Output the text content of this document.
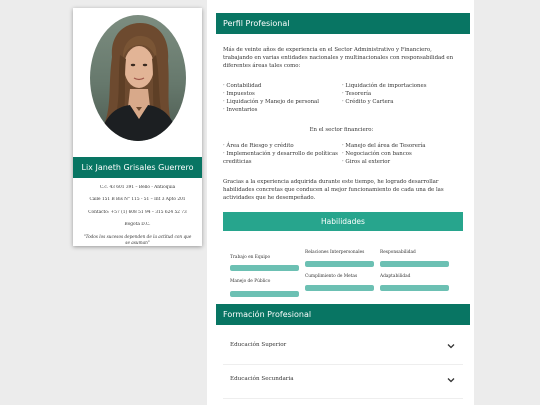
Lix Janeth Grisales Guerrero
C.c. 43 601 391 – Bello - Antioquia
Calle 151 B Bis N° 115 - 51 – Int 3 Apto 201
Contacto: +57 (1) 608 51 94 – 315 624 52 73
Bogotá D.C.
"Todos los sucesos dependen de la actitud con que se asuman"
Perfil Profesional
Más de veinte años de experiencia en el Sector Administrativo y Financiero, trabajando en varias entidades nacionales y multinacionales con responsabilidad en diferentes áreas tales como:
· Contabilidad
· Impuestos
· Liquidación y Manejo de personal
· Inventarios
· Liquidación de importaciones
· Tesorería
· Crédito y Cartera
En el sector financiero:
· Área de Riesgo y crédito
· Implementación y desarrollo de políticas crediticias
· Manejo del área de Tesorería
· Negociación con bancos
· Giros al exterior
Gracias a la experiencia adquirida durante este tiempo, he logrado desarrollar habilidades concretas que conducen al mejor funcionamiento de cada una de las actividades que he desempeñado.
Habilidades
Trabajo en Equipo
Relaciones Interpersonales	Responsabilidad
Manejo de Público
Cumplimiento de Metas	Adaptabilidad
Formación Profesional
Educación Superior
Educación Secundaria
